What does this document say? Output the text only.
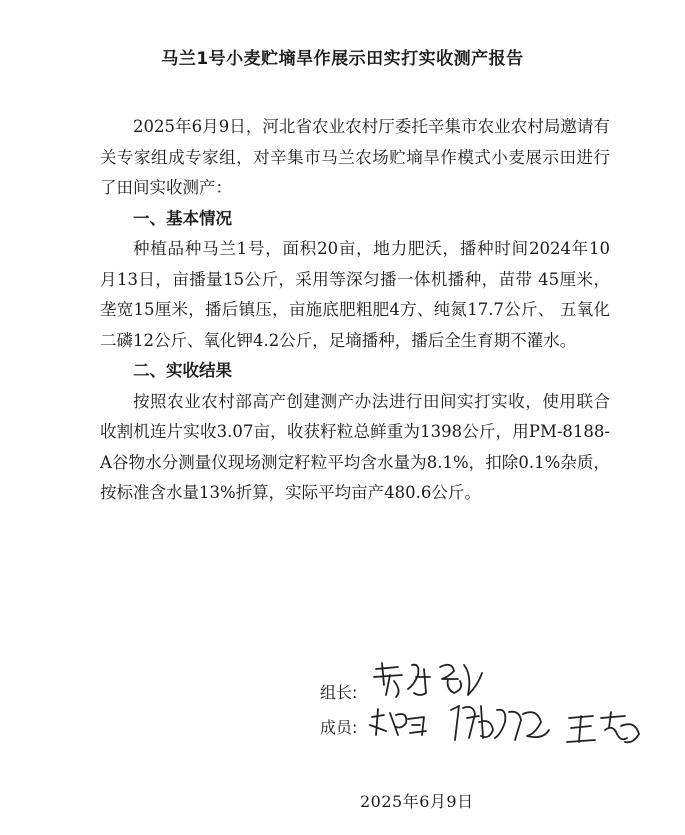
马兰1号小麦贮墒旱作展示田实打实收测产报告

2025年6月9日，河北省农业农村厅委托辛集市农业农村局邀请有关专家组成专家组，对辛集市马兰农场贮墒旱作模式小麦展示田进行了田间实收测产：

一、基本情况

种植品种马兰1号，面积20亩，地力肥沃，播种时间2024年10 月13日，亩播量15公斤，采用等深匀播一体机播种，苗带 45厘米，垄宽15厘米，播后镇压，亩施底肥粗肥4方、纯氮17.7公斤、 五氧化二磷12公斤、氧化钾4.2公斤，足墒播种，播后全生育期不灌水。

二、实收结果

按照农业农村部高产创建测产办法进行田间实打实收，使用联合收割机连片实收3.07亩，收获籽粒总鲜重为1398公斤，用PM-8188-A谷物水分测量仪现场测定籽粒平均含水量为8.1%，扣除0.1%杂质，按标准含水量13%折算，实际平均亩产480.6公斤。

组长:
成员:
2025年6月9日
